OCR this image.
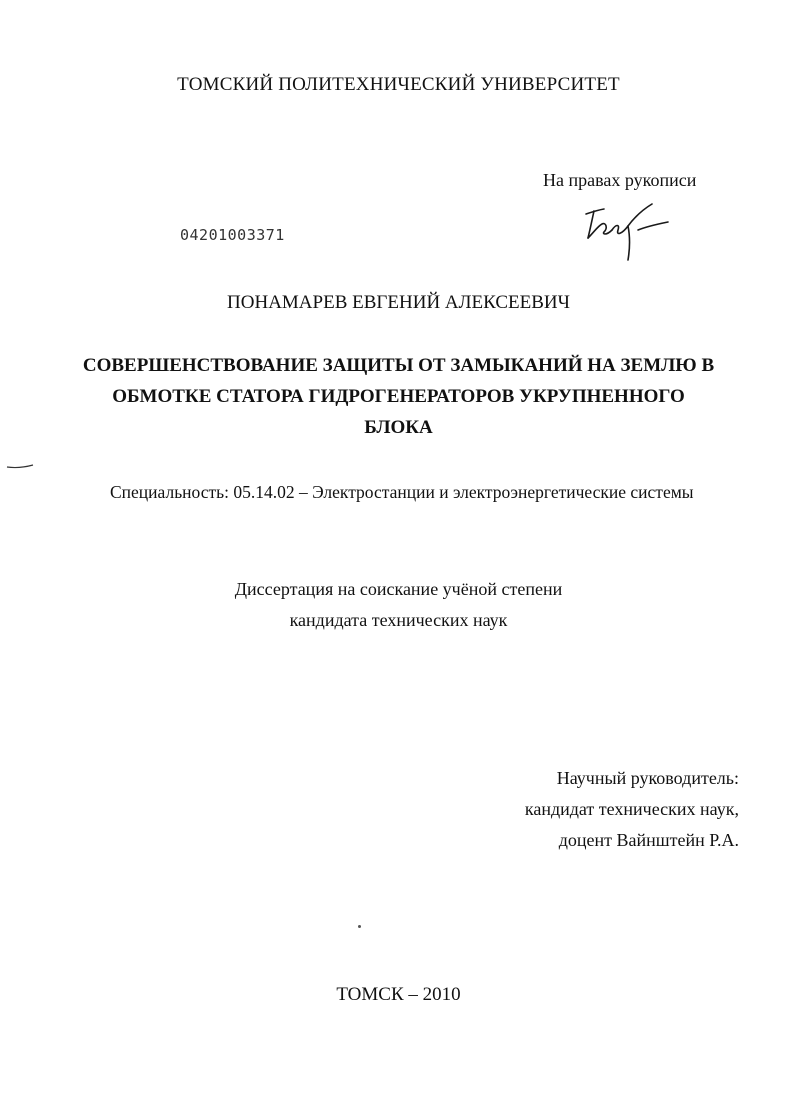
ТОМСКИЙ ПОЛИТЕХНИЧЕСКИЙ УНИВЕРСИТЕТ
На правах рукописи
04201003371
ПОНАМАРЕВ ЕВГЕНИЙ АЛЕКСЕЕВИЧ
СОВЕРШЕНСТВОВАНИЕ ЗАЩИТЫ ОТ ЗАМЫКАНИЙ НА ЗЕМЛЮ В
ОБМОТКЕ СТАТОРА ГИДРОГЕНЕРАТОРОВ УКРУПНЕННОГО
БЛОКА
Специальность: 05.14.02 – Электростанции и электроэнергетические системы
Диссертация на соискание учёной степени
кандидата технических наук
Научный руководитель:
кандидат технических наук,
доцент Вайнштейн Р.А.
ТОМСК – 2010
